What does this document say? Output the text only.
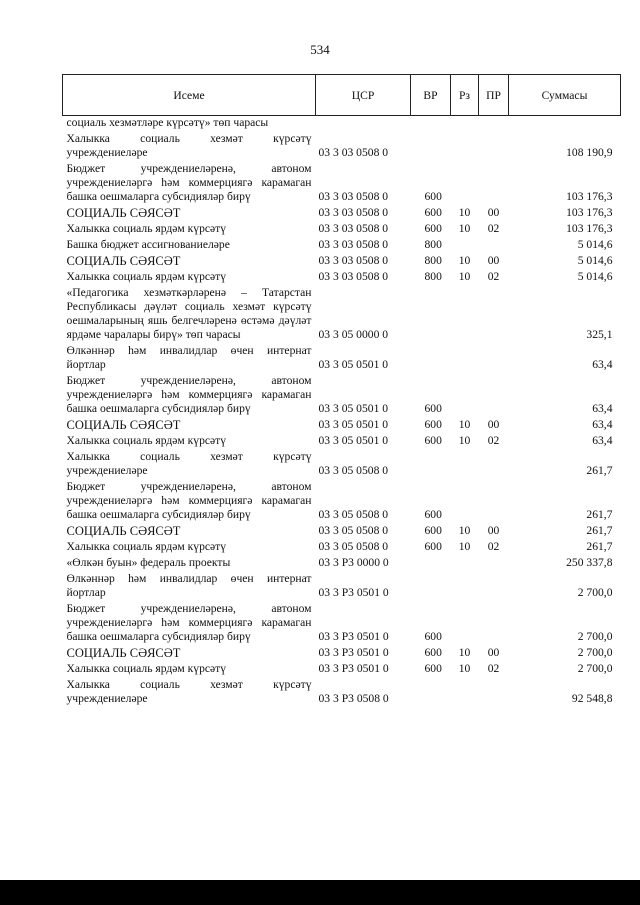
534
Исеме	ЦСР	ВР	Рз	ПР	Суммасы
социаль хезмәтләре күрсәтү» төп чарасы					
Халыкка социаль хезмәт күрсәтү учреждениеләре	03 3 03 0508 0				108 190,9
Бюджет учреждениеләренә, автоном учреждениеләргә һәм коммерциягә карамаган башка оешмаларга субсидияләр бирү	03 3 03 0508 0	600			103 176,3
СОЦИАЛЬ СӘЯСӘТ	03 3 03 0508 0	600	10	00	103 176,3
Халыкка социаль ярдәм күрсәтү	03 3 03 0508 0	600	10	02	103 176,3
Башка бюджет ассигнованиеләре	03 3 03 0508 0	800			5 014,6
СОЦИАЛЬ СӘЯСӘТ	03 3 03 0508 0	800	10	00	5 014,6
Халыкка социаль ярдәм күрсәтү	03 3 03 0508 0	800	10	02	5 014,6
«Педагогика хезмәткәрләренә – Татарстан Республикасы дәүләт социаль хезмәт күрсәтү оешмаларының яшь белгечләренә өстәмә дәүләт ярдәме чаралары бирү» төп чарасы	03 3 05 0000 0				325,1
Өлкәннәр һәм инвалидлар өчен интернат йортлар	03 3 05 0501 0				63,4
Бюджет учреждениеләренә, автоном учреждениеләргә һәм коммерциягә карамаган башка оешмаларга субсидияләр бирү	03 3 05 0501 0	600			63,4
СОЦИАЛЬ СӘЯСӘТ	03 3 05 0501 0	600	10	00	63,4
Халыкка социаль ярдәм күрсәтү	03 3 05 0501 0	600	10	02	63,4
Халыкка социаль хезмәт күрсәтү учреждениеләре	03 3 05 0508 0				261,7
Бюджет учреждениеләренә, автоном учреждениеләргә һәм коммерциягә карамаган башка оешмаларга субсидияләр бирү	03 3 05 0508 0	600			261,7
СОЦИАЛЬ СӘЯСӘТ	03 3 05 0508 0	600	10	00	261,7
Халыкка социаль ярдәм күрсәтү	03 3 05 0508 0	600	10	02	261,7
«Өлкән буын» федераль проекты	03 3 P3 0000 0				250 337,8
Өлкәннәр һәм инвалидлар өчен интернат йортлар	03 3 P3 0501 0				2 700,0
Бюджет учреждениеләренә, автоном учреждениеләргә һәм коммерциягә карамаган башка оешмаларга субсидияләр бирү	03 3 P3 0501 0	600			2 700,0
СОЦИАЛЬ СӘЯСӘТ	03 3 P3 0501 0	600	10	00	2 700,0
Халыкка социаль ярдәм күрсәтү	03 3 P3 0501 0	600	10	02	2 700,0
Халыкка социаль хезмәт күрсәтү учреждениеләре	03 3 P3 0508 0				92 548,8
